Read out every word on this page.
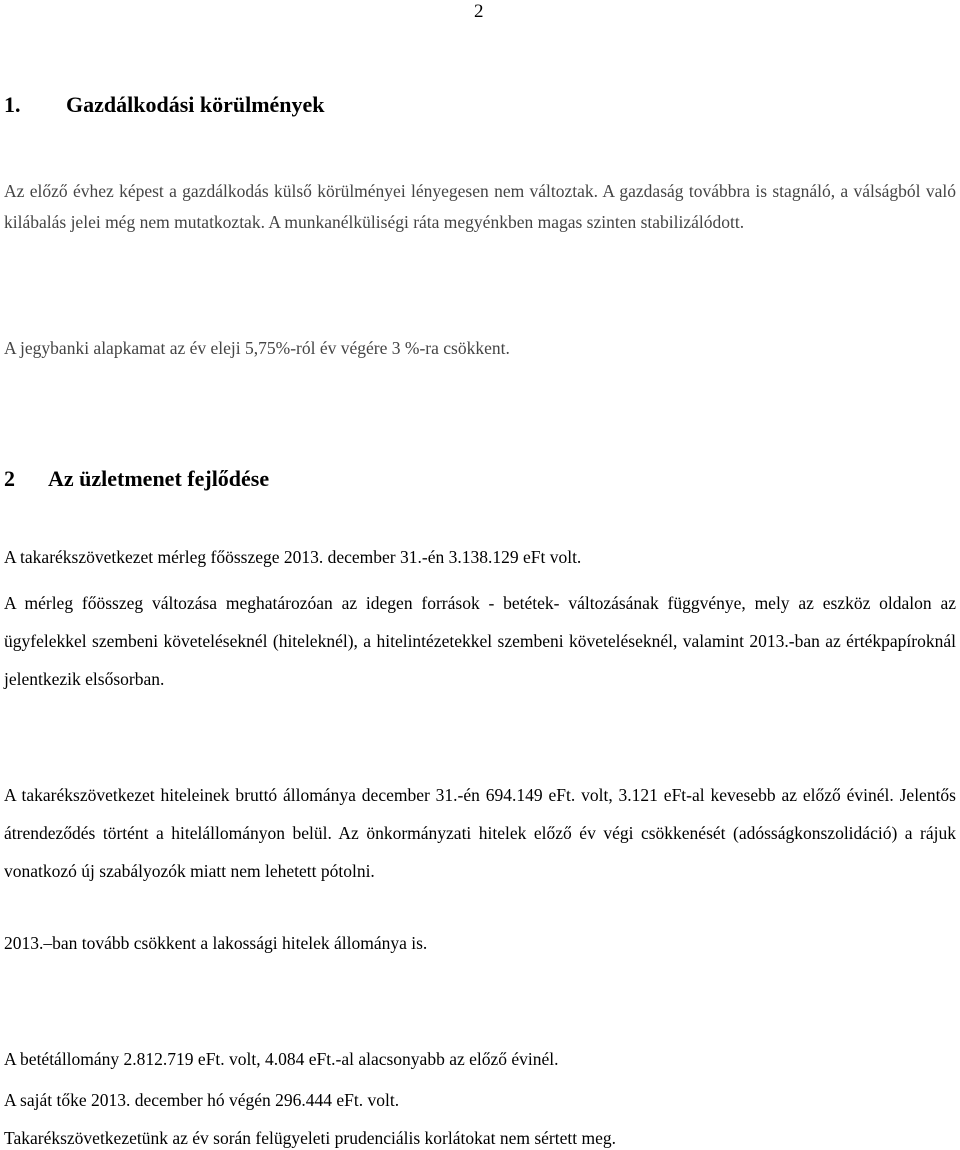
2
1. Gazdálkodási körülmények

Az előző évhez képest a gazdálkodás külső körülményei lényegesen nem változtak. A gazdaság továbbra is stagnáló, a válságból való kilábalás jelei még nem mutatkoztak. A munkanélküliségi ráta megyénkben magas szinten stabilizálódott.

A jegybanki alapkamat az év eleji 5,75%-ról év végére 3 %-ra csökkent.

2 Az üzletmenet fejlődése

A takarékszövetkezet mérleg főösszege 2013. december 31.-én 3.138.129 eFt volt.

A mérleg főösszeg változása meghatározóan az idegen források - betétek- változásának függvénye, mely az eszköz oldalon az ügyfelekkel szembeni követeléseknél (hiteleknél), a hitelintézetekkel szembeni követeléseknél, valamint 2013.-ban az értékpapíroknál jelentkezik elsősorban.

A takarékszövetkezet hiteleinek bruttó állománya december 31.-én 694.149 eFt. volt, 3.121 eFt-al kevesebb az előző évinél. Jelentős átrendeződés történt a hitelállományon belül. Az önkormányzati hitelek előző év végi csökkenését (adósságkonszolidáció) a rájuk vonatkozó új szabályozók miatt nem lehetett pótolni.

2013.–ban tovább csökkent a lakossági hitelek állománya is.

A betétállomány 2.812.719 eFt. volt, 4.084 eFt.-al alacsonyabb az előző évinél.

A saját tőke 2013. december hó végén 296.444 eFt. volt.

Takarékszövetkezetünk az év során felügyeleti prudenciális korlátokat nem sértett meg.
